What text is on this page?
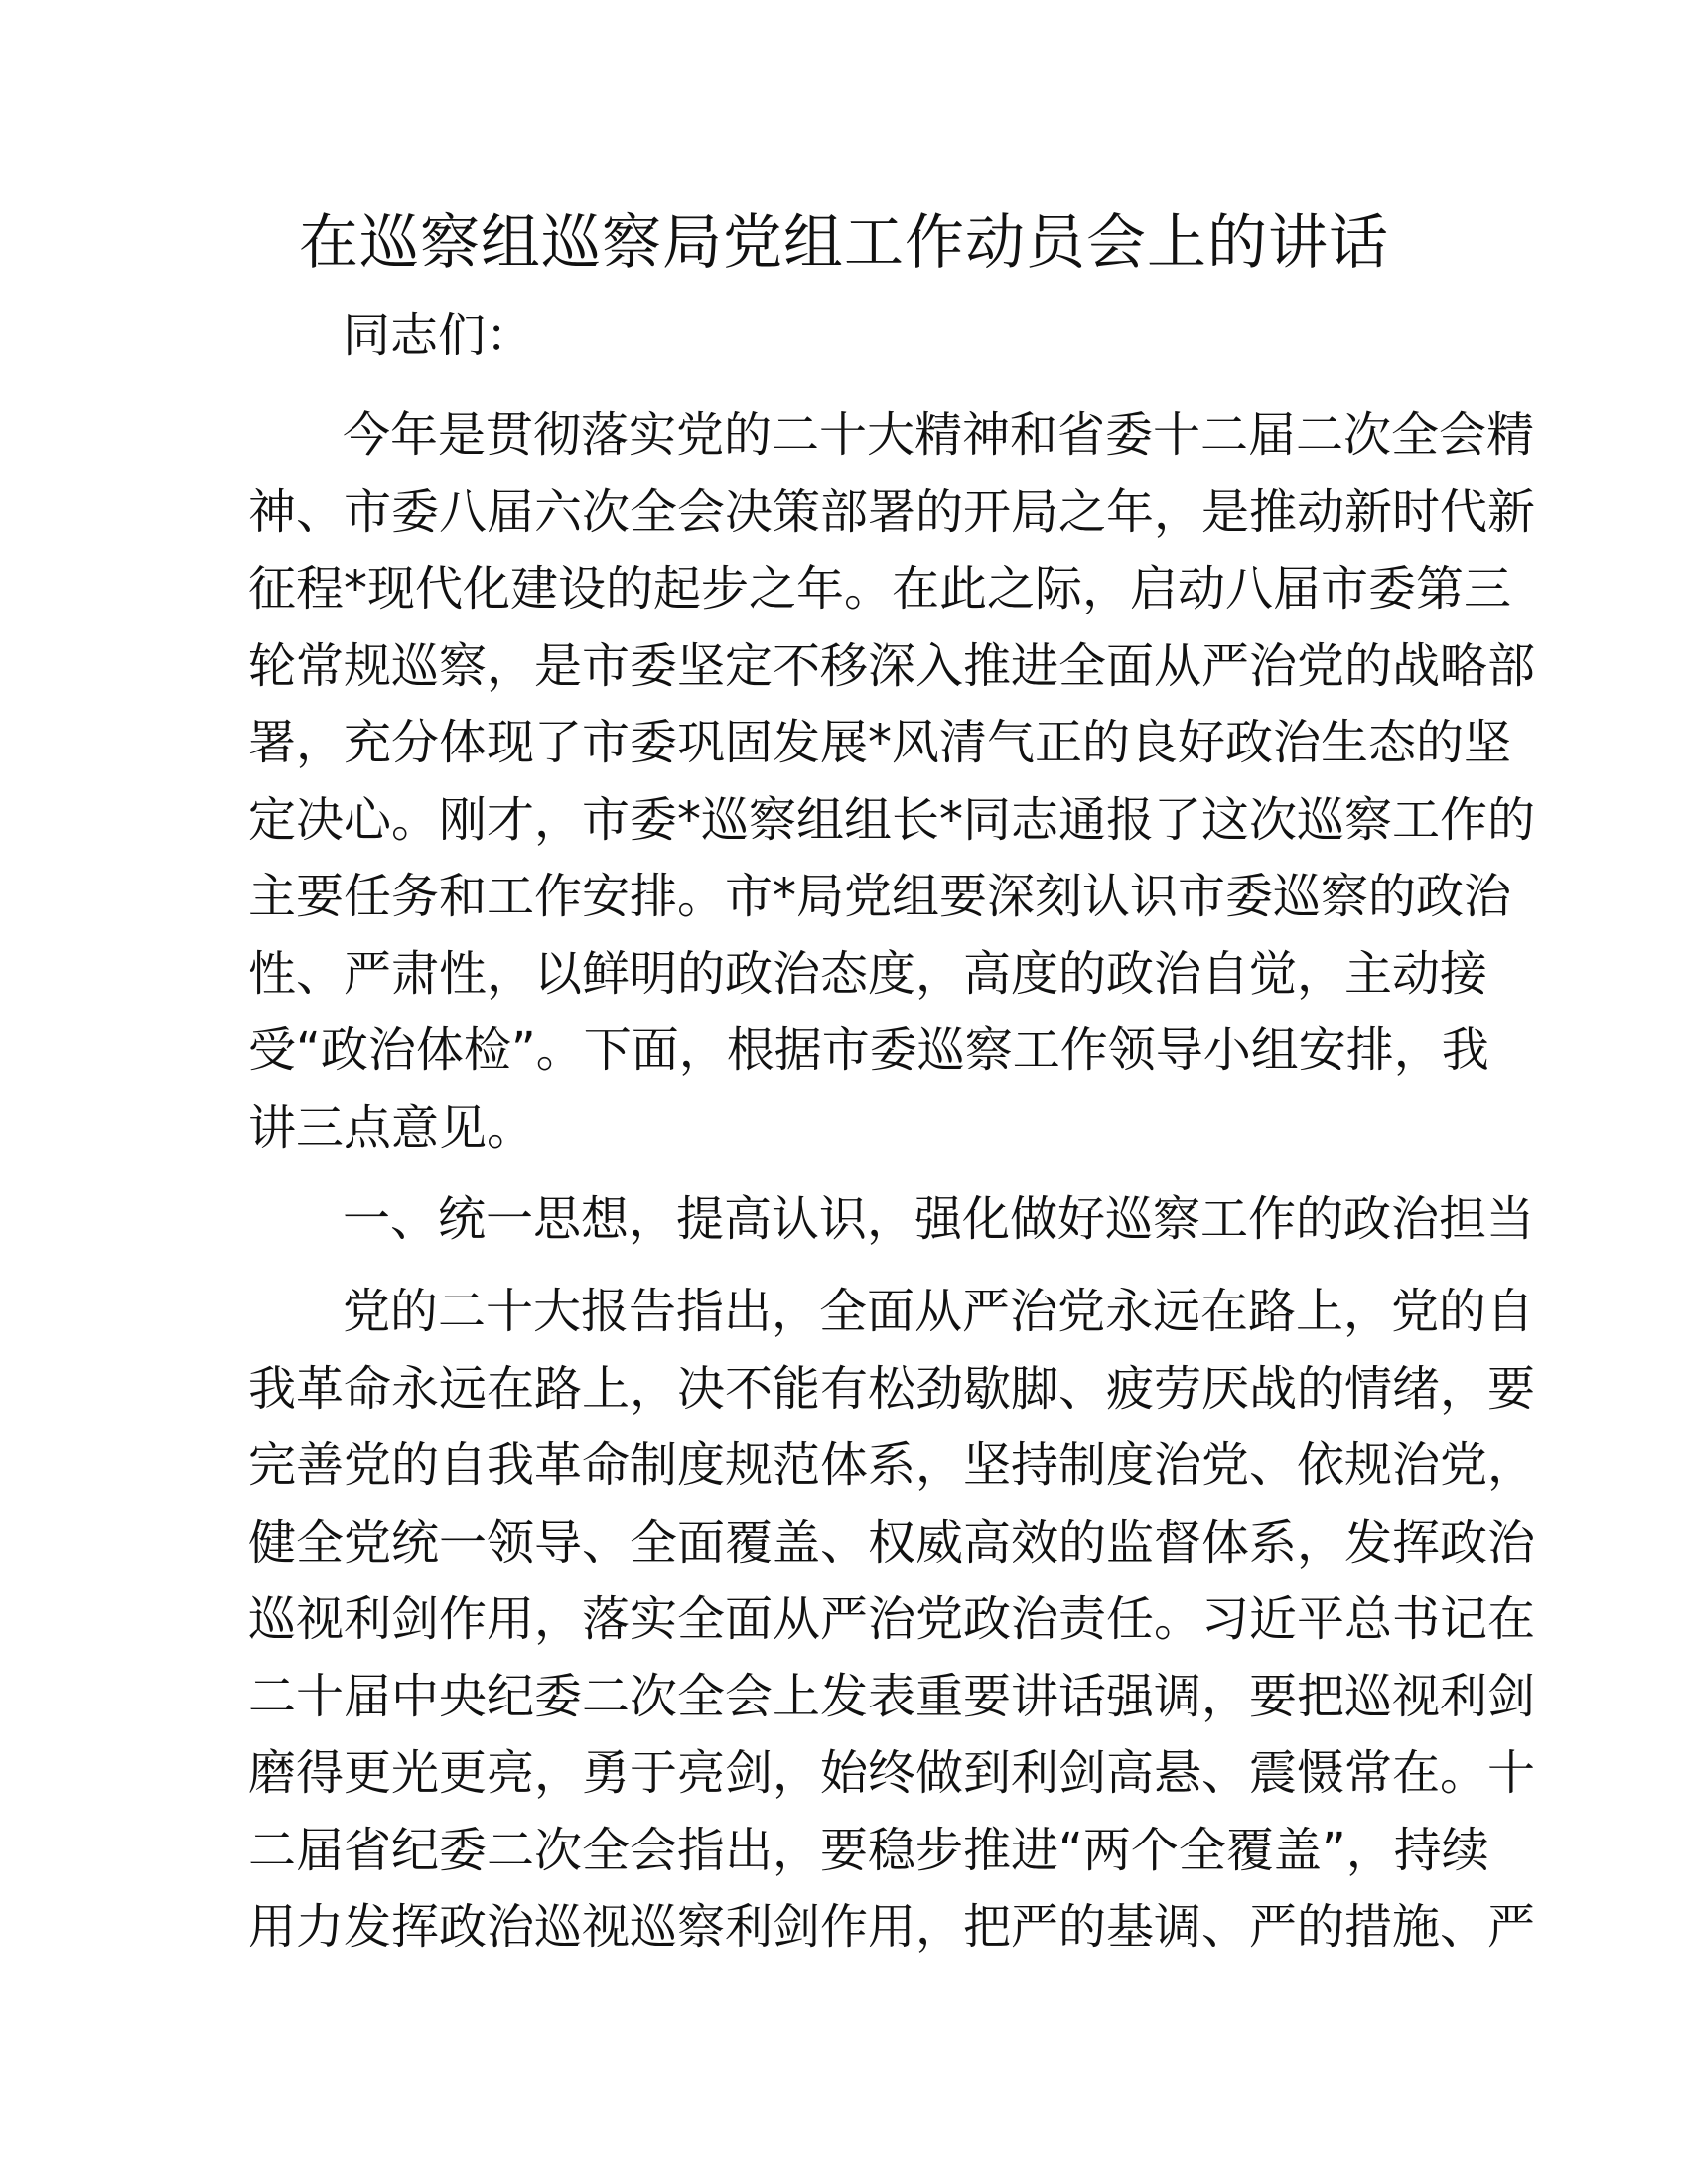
在巡察组巡察局党组工作动员会上的讲话
同志们：
今年是贯彻落实党的二十大精神和省委十二届二次全会精
神、市委八届六次全会决策部署的开局之年，是推动新时代新
征程*现代化建设的起步之年。在此之际，启动八届市委第三
轮常规巡察，是市委坚定不移深入推进全面从严治党的战略部
署，充分体现了市委巩固发展*风清气正的良好政治生态的坚
定决心。刚才，市委*巡察组组长*同志通报了这次巡察工作的
主要任务和工作安排。市*局党组要深刻认识市委巡察的政治
性、严肃性，以鲜明的政治态度，高度的政治自觉，主动接
受“政治体检”。下面，根据市委巡察工作领导小组安排，我
讲三点意见。
一、统一思想，提高认识，强化做好巡察工作的政治担当
党的二十大报告指出，全面从严治党永远在路上，党的自
我革命永远在路上，决不能有松劲歇脚、疲劳厌战的情绪，要
完善党的自我革命制度规范体系，坚持制度治党、依规治党，
健全党统一领导、全面覆盖、权威高效的监督体系，发挥政治
巡视利剑作用，落实全面从严治党政治责任。习近平总书记在
二十届中央纪委二次全会上发表重要讲话强调，要把巡视利剑
磨得更光更亮，勇于亮剑，始终做到利剑高悬、震慑常在。十
二届省纪委二次全会指出，要稳步推进“两个全覆盖”，持续
用力发挥政治巡视巡察利剑作用，把严的基调、严的措施、严
